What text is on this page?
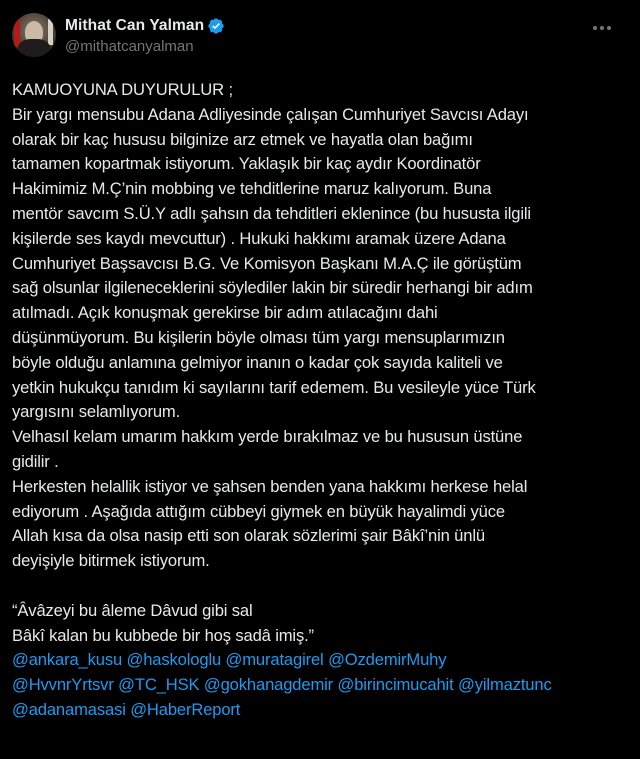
Mithat Can Yalman
@mithatcanyalman
KAMUOYUNA DUYURULUR ;
Bir yargı mensubu Adana Adliyesinde çalışan Cumhuriyet Savcısı Adayı
olarak bir kaç hususu bilginize arz etmek ve hayatla olan bağımı
tamamen kopartmak istiyorum. Yaklaşık bir kaç aydır Koordinatör
Hakimimiz M.Ç’nin mobbing ve tehditlerine maruz kalıyorum. Buna
mentör savcım S.Ü.Y adlı şahsın da tehditleri eklenince (bu hususta ilgili
kişilerde ses kaydı mevcuttur) . Hukuki hakkımı aramak üzere Adana
Cumhuriyet Başsavcısı B.G. Ve Komisyon Başkanı M.A.Ç ile görüştüm
sağ olsunlar ilgileneceklerini söylediler lakin bir süredir herhangi bir adım
atılmadı. Açık konuşmak gerekirse bir adım atılacağını dahi
düşünmüyorum. Bu kişilerin böyle olması tüm yargı mensuplarımızın
böyle olduğu anlamına gelmiyor inanın o kadar çok sayıda kaliteli ve
yetkin hukukçu tanıdım ki sayılarını tarif edemem. Bu vesileyle yüce Türk
yargısını selamlıyorum.
Velhasıl kelam umarım hakkım yerde bırakılmaz ve bu hususun üstüne
gidilir .
Herkesten helallik istiyor ve şahsen benden yana hakkımı herkese helal
ediyorum . Aşağıda attığım cübbeyi giymek en büyük hayalimdi yüce
Allah kısa da olsa nasip etti son olarak sözlerimi şair Bâkî’nin ünlü
deyişiyle bitirmek istiyorum.
“Âvâzeyi bu âleme Dâvud gibi sal
Bâkî kalan bu kubbede bir hoş sadâ imiş.”
@ankara_kusu @haskologlu @muratagirel @OzdemirMuhy
@HvvnrYrtsvr @TC_HSK @gokhanagdemir @birincimucahit @yilmaztunc
@adanamasasi @HaberReport
